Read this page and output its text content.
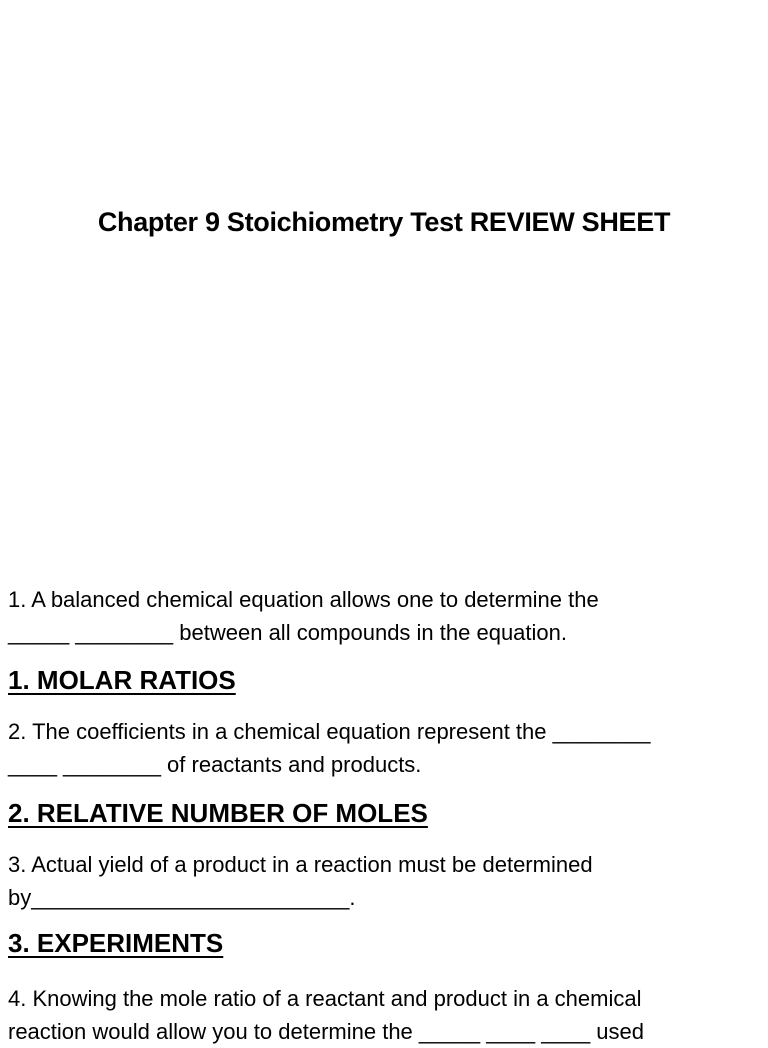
Chapter 9 Stoichiometry Test REVIEW SHEET
1. A balanced chemical equation allows one to determine the
_____ ________ between all compounds in the equation.
1. MOLAR RATIOS
2. The coefficients in a chemical equation represent the ________
____ ________ of reactants and products.
2. RELATIVE NUMBER OF MOLES
3. Actual yield of a product in a reaction must be determined
by__________________________.
3. EXPERIMENTS
4. Knowing the mole ratio of a reactant and product in a chemical
reaction would allow you to determine the _____ ____ ____ used
